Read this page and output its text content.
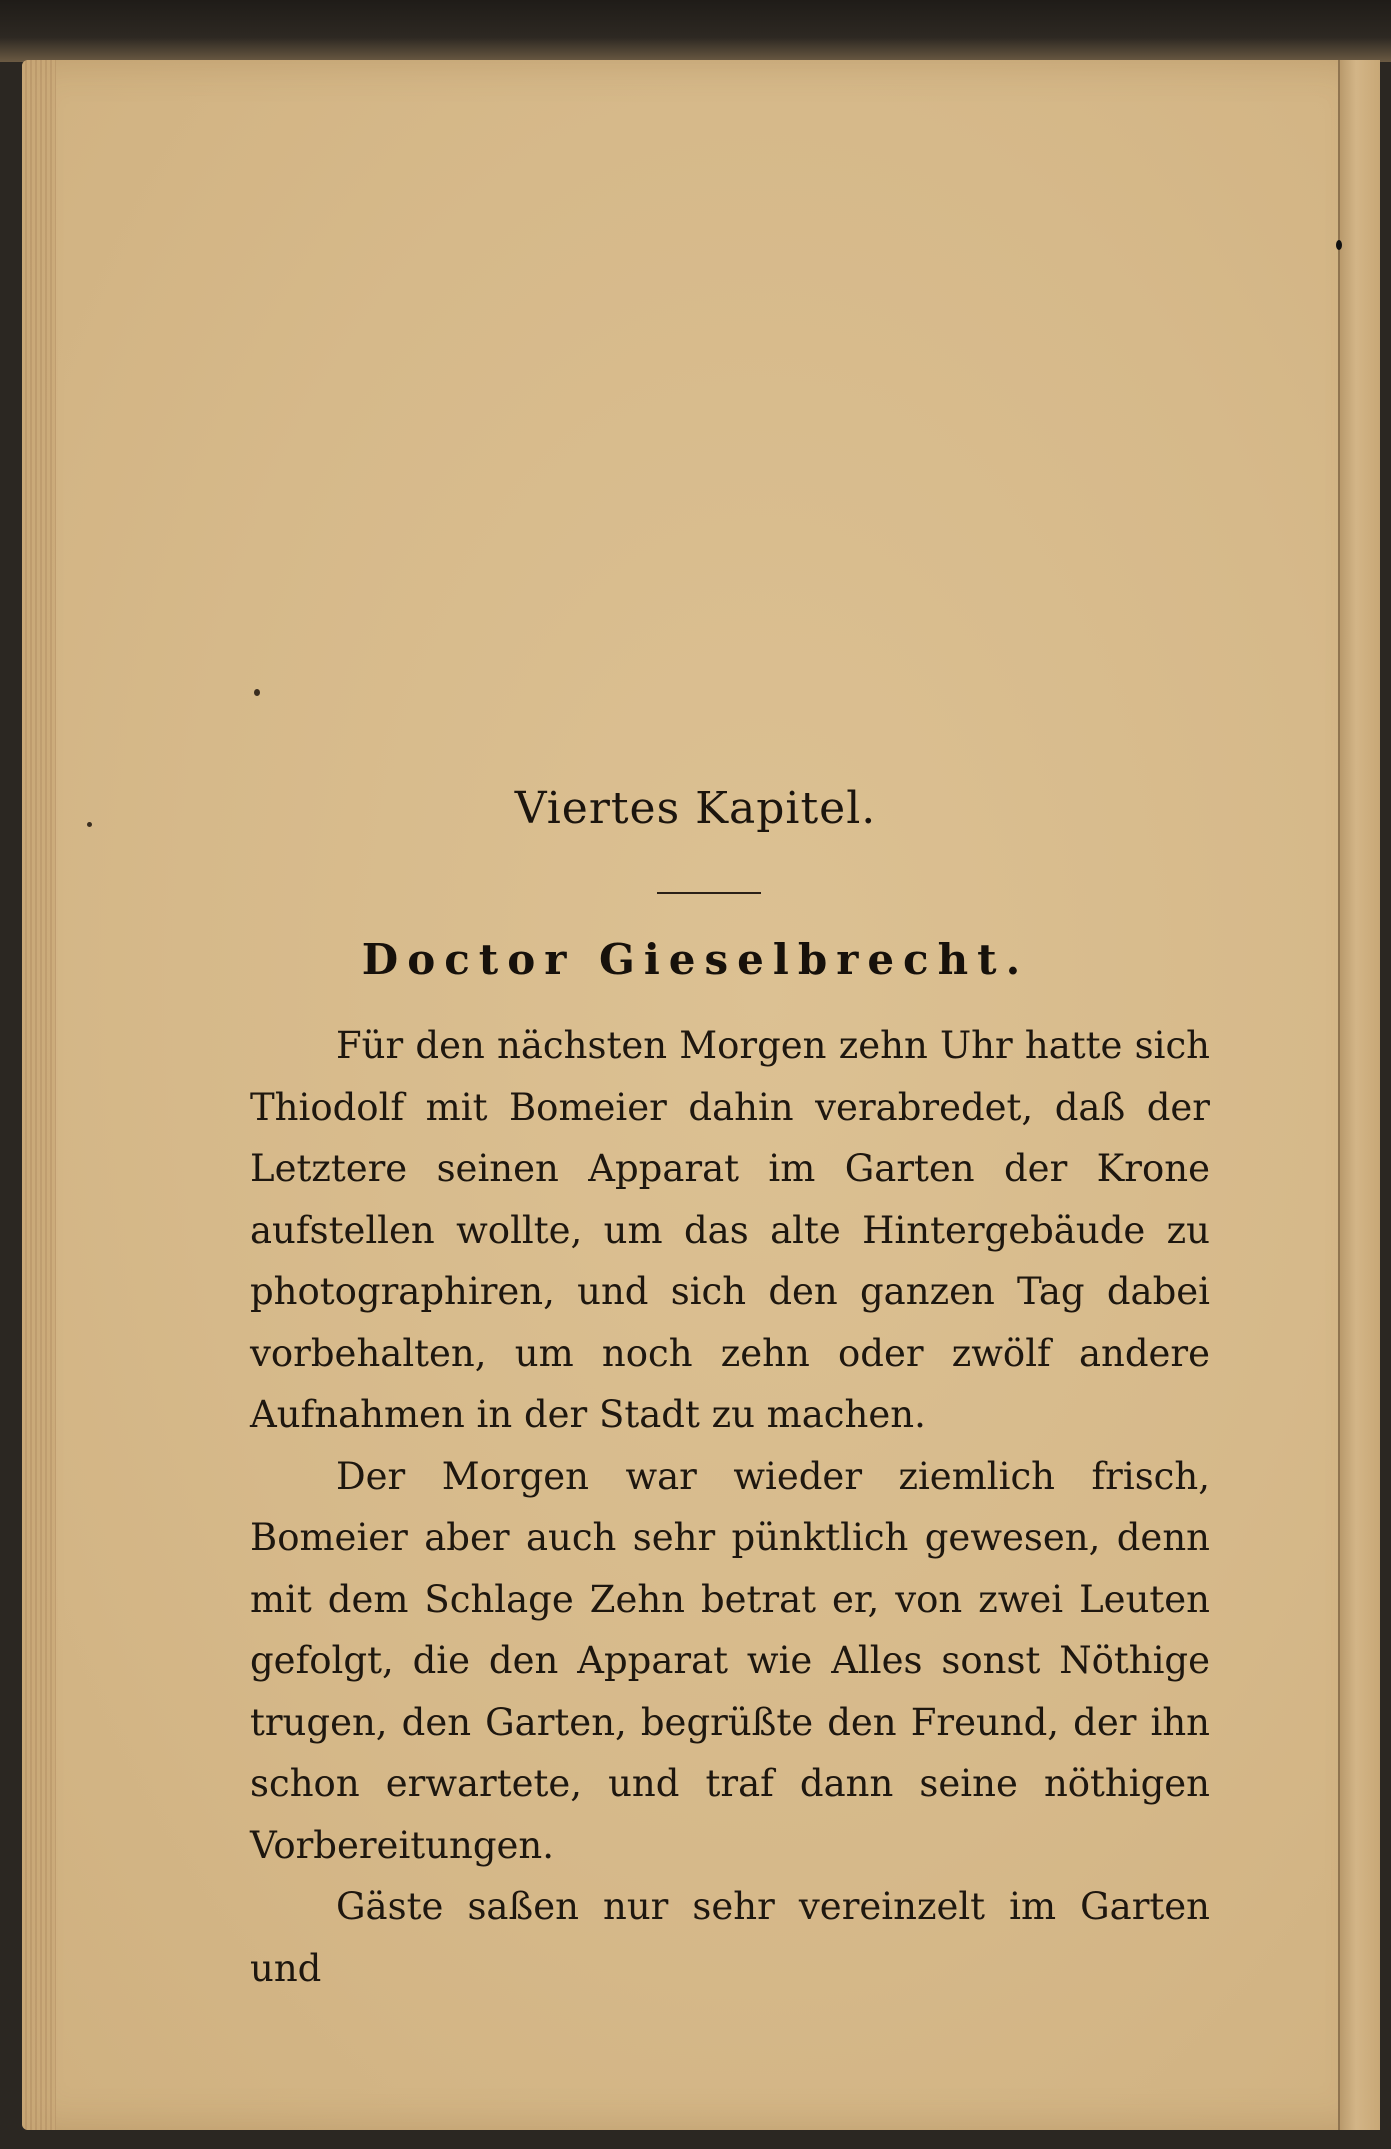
Viertes Kapitel.
Doctor Gieselbrecht.

Für den nächsten Morgen zehn Uhr hatte sich Thiodolf mit Bomeier dahin verabredet, daß der Letztere seinen Apparat im Garten der Krone aufstellen wollte, um das alte Hintergebäude zu photographiren, und sich den ganzen Tag dabei vorbehalten, um noch zehn oder zwölf andere Aufnahmen in der Stadt zu machen.

Der Morgen war wieder ziemlich frisch, Bomeier aber auch sehr pünktlich gewesen, denn mit dem Schlage Zehn betrat er, von zwei Leuten gefolgt, die den Apparat wie Alles sonst Nöthige trugen, den Garten, begrüßte den Freund, der ihn schon erwartete, und traf dann seine nöthigen Vorbereitungen.

Gäste saßen nur sehr vereinzelt im Garten und
